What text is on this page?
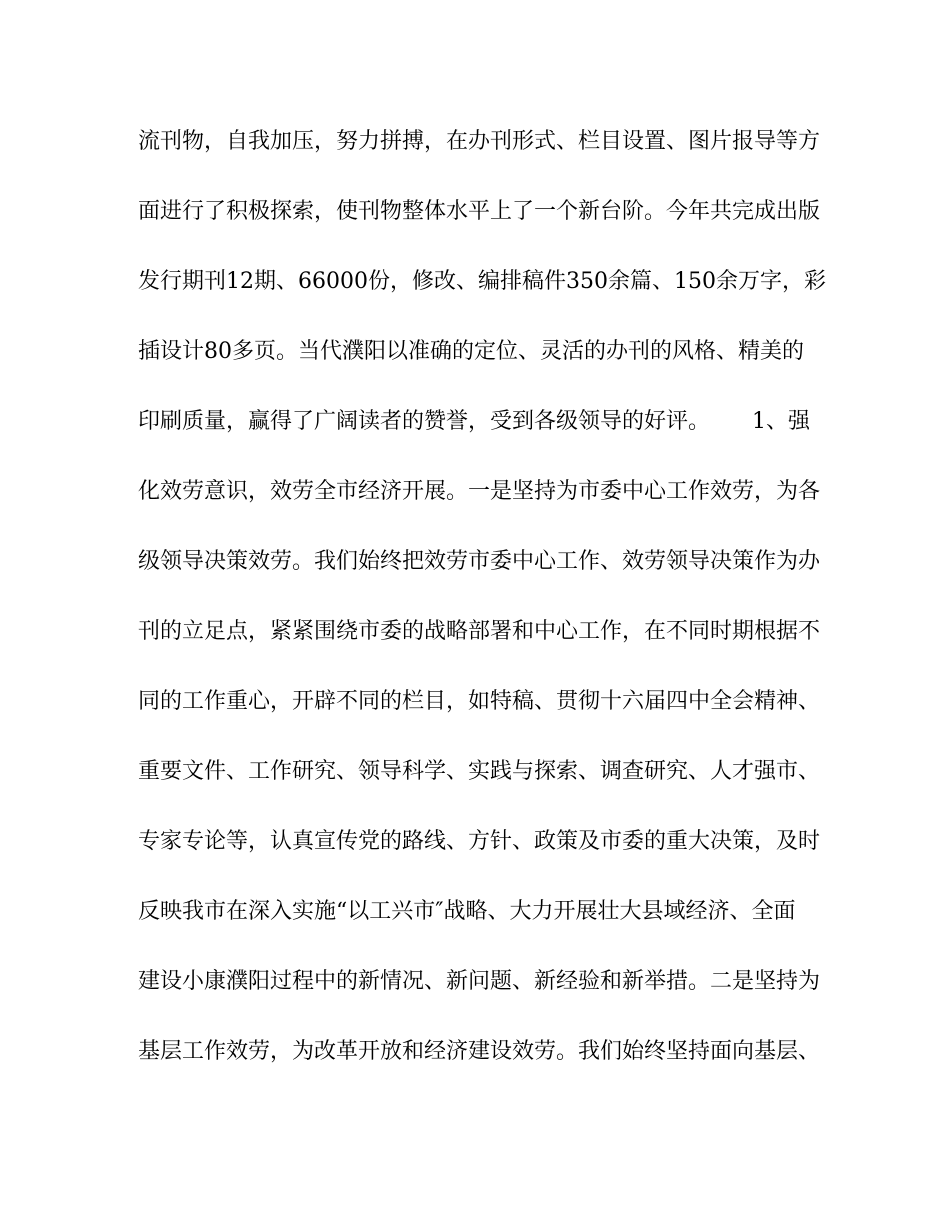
流刊物，自我加压，努力拼搏，在办刊形式、栏目设置、图片报导等方
面进行了积极探索，使刊物整体水平上了一个新台阶。今年共完成出版
发行期刊12期、66000份，修改、编排稿件350余篇、150余万字，彩
插设计80多页。当代濮阳以准确的定位、灵活的办刊的风格、精美的
印刷质量，赢得了广阔读者的赞誉，受到各级领导的好评。      1、强
化效劳意识，效劳全市经济开展。一是坚持为市委中心工作效劳，为各
级领导决策效劳。我们始终把效劳市委中心工作、效劳领导决策作为办
刊的立足点，紧紧围绕市委的战略部署和中心工作，在不同时期根据不
同的工作重心，开辟不同的栏目，如特稿、贯彻十六届四中全会精神、
重要文件、工作研究、领导科学、实践与探索、调查研究、人才强市、
专家专论等，认真宣传党的路线、方针、政策及市委的重大决策，及时
反映我市在深入实施“以工兴市″战略、大力开展壮大县域经济、全面
建设小康濮阳过程中的新情况、新问题、新经验和新举措。二是坚持为
基层工作效劳，为改革开放和经济建设效劳。我们始终坚持面向基层、
